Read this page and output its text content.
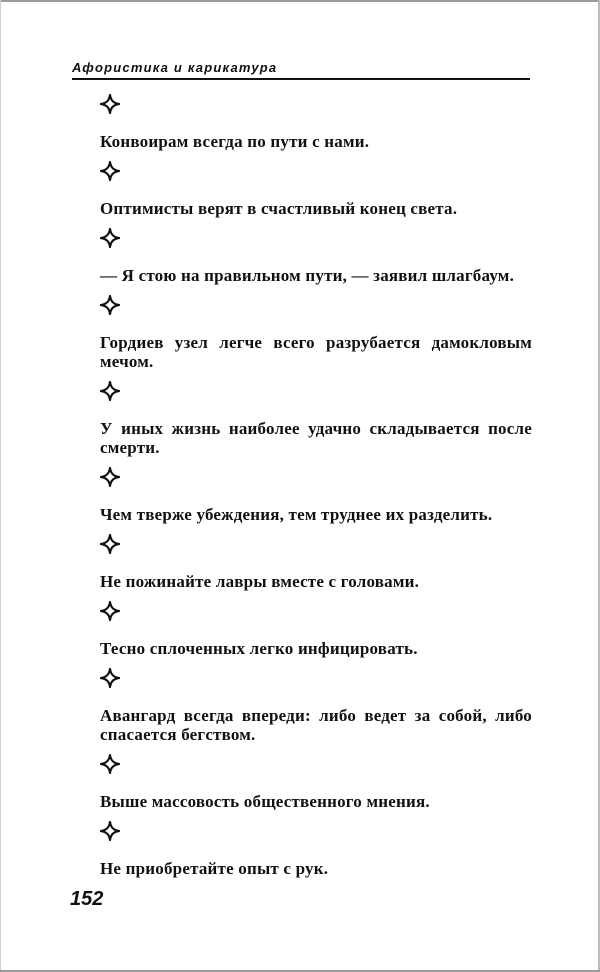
Афористика и карикатура

Конвоирам всегда по пути с нами.

Оптимисты верят в счастливый конец света.

— Я стою на правильном пути, — заявил шлагбаум.

Гордиев узел легче всего разрубается дамокловым мечом.

У иных жизнь наиболее удачно складывается после смерти.

Чем тверже убеждения, тем труднее их разделить.

Не пожинайте лавры вместе с головами.

Тесно сплоченных легко инфицировать.

Авангард всегда впереди: либо ведет за собой, либо спасается бегством.

Выше массовость общественного мнения.

Не приобретайте опыт с рук.

152
